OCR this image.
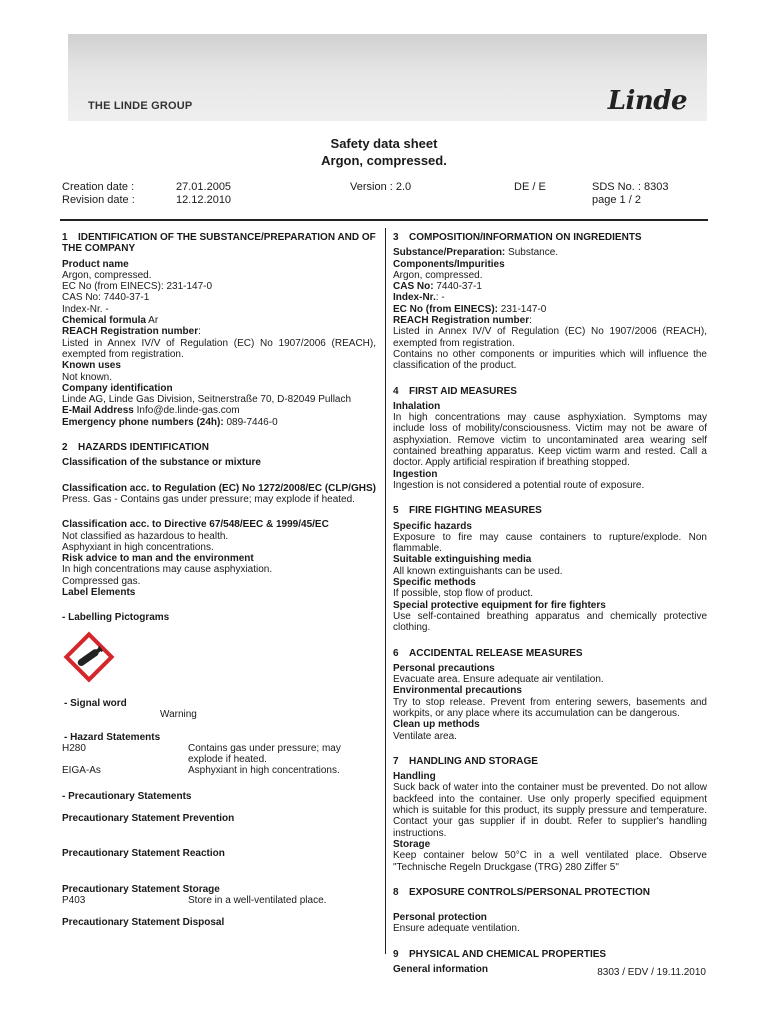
THE LINDE GROUP	Linde
Safety data sheet
Argon, compressed.
Creation date :	27.01.2005
Revision date :	12.12.2010
Version : 2.0	DE / E	SDS No. : 8303
page 1 / 2

1 IDENTIFICATION OF THE SUBSTANCE/PREPARATION AND OF THE COMPANY

Product name

Argon, compressed.

EC No (from EINECS): 231-147-0

CAS No: 7440-37-1

Index-Nr. -

Chemical formula Ar

REACH Registration number:

Listed in Annex IV/V of Regulation (EC) No 1907/2006 (REACH), exempted from registration.

Known uses

Not known.

Company identification

Linde AG, Linde Gas Division, Seitnerstraße 70, D-82049 Pullach

E-Mail Address Info@de.linde-gas.com

Emergency phone numbers (24h): 089-7446-0

2 HAZARDS IDENTIFICATION

Classification of the substance or mixture

Classification acc. to Regulation (EC) No 1272/2008/EC (CLP/GHS)

Press. Gas - Contains gas under pressure; may explode if heated.

Classification acc. to Directive 67/548/EEC & 1999/45/EC

Not classified as hazardous to health.

Asphyxiant in high concentrations.

Risk advice to man and the environment

In high concentrations may cause asphyxiation.

Compressed gas.

Label Elements

- Labelling Pictograms

- Signal word

Warning

- Hazard Statements

H280	Contains gas under pressure; may explode if heated.
EIGA-As	Asphyxiant in high concentrations.

- Precautionary Statements

Precautionary Statement Prevention

Precautionary Statement Reaction

Precautionary Statement Storage

P403	Store in a well-ventilated place.

Precautionary Statement Disposal

3 COMPOSITION/INFORMATION ON INGREDIENTS

Substance/Preparation: Substance.

Components/Impurities

Argon, compressed.

CAS No: 7440-37-1

Index-Nr.: -

EC No (from EINECS): 231-147-0

REACH Registration number:

Listed in Annex IV/V of Regulation (EC) No 1907/2006 (REACH), exempted from registration.

Contains no other components or impurities which will influence the classification of the product.

4 FIRST AID MEASURES

Inhalation

In high concentrations may cause asphyxiation. Symptoms may include loss of mobility/consciousness. Victim may not be aware of asphyxiation. Remove victim to uncontaminated area wearing self contained breathing apparatus. Keep victim warm and rested. Call a doctor. Apply artificial respiration if breathing stopped.

Ingestion

Ingestion is not considered a potential route of exposure.

5 FIRE FIGHTING MEASURES

Specific hazards

Exposure to fire may cause containers to rupture/explode. Non flammable.

Suitable extinguishing media

All known extinguishants can be used.

Specific methods

If possible, stop flow of product.

Special protective equipment for fire fighters

Use self-contained breathing apparatus and chemically protective clothing.

6 ACCIDENTAL RELEASE MEASURES

Personal precautions

Evacuate area. Ensure adequate air ventilation.

Environmental precautions

Try to stop release. Prevent from entering sewers, basements and workpits, or any place where its accumulation can be dangerous.

Clean up methods

Ventilate area.

7 HANDLING AND STORAGE

Handling

Suck back of water into the container must be prevented. Do not allow backfeed into the container. Use only properly specified equipment which is suitable for this product, its supply pressure and temperature. Contact your gas supplier if in doubt. Refer to supplier's handling instructions.

Storage

Keep container below 50°C in a well ventilated place. Observe "Technische Regeln Druckgase (TRG) 280 Ziffer 5"

8 EXPOSURE CONTROLS/PERSONAL PROTECTION

Personal protection

Ensure adequate ventilation.

9 PHYSICAL AND CHEMICAL PROPERTIES

General information	8303 / EDV / 19.11.2010
